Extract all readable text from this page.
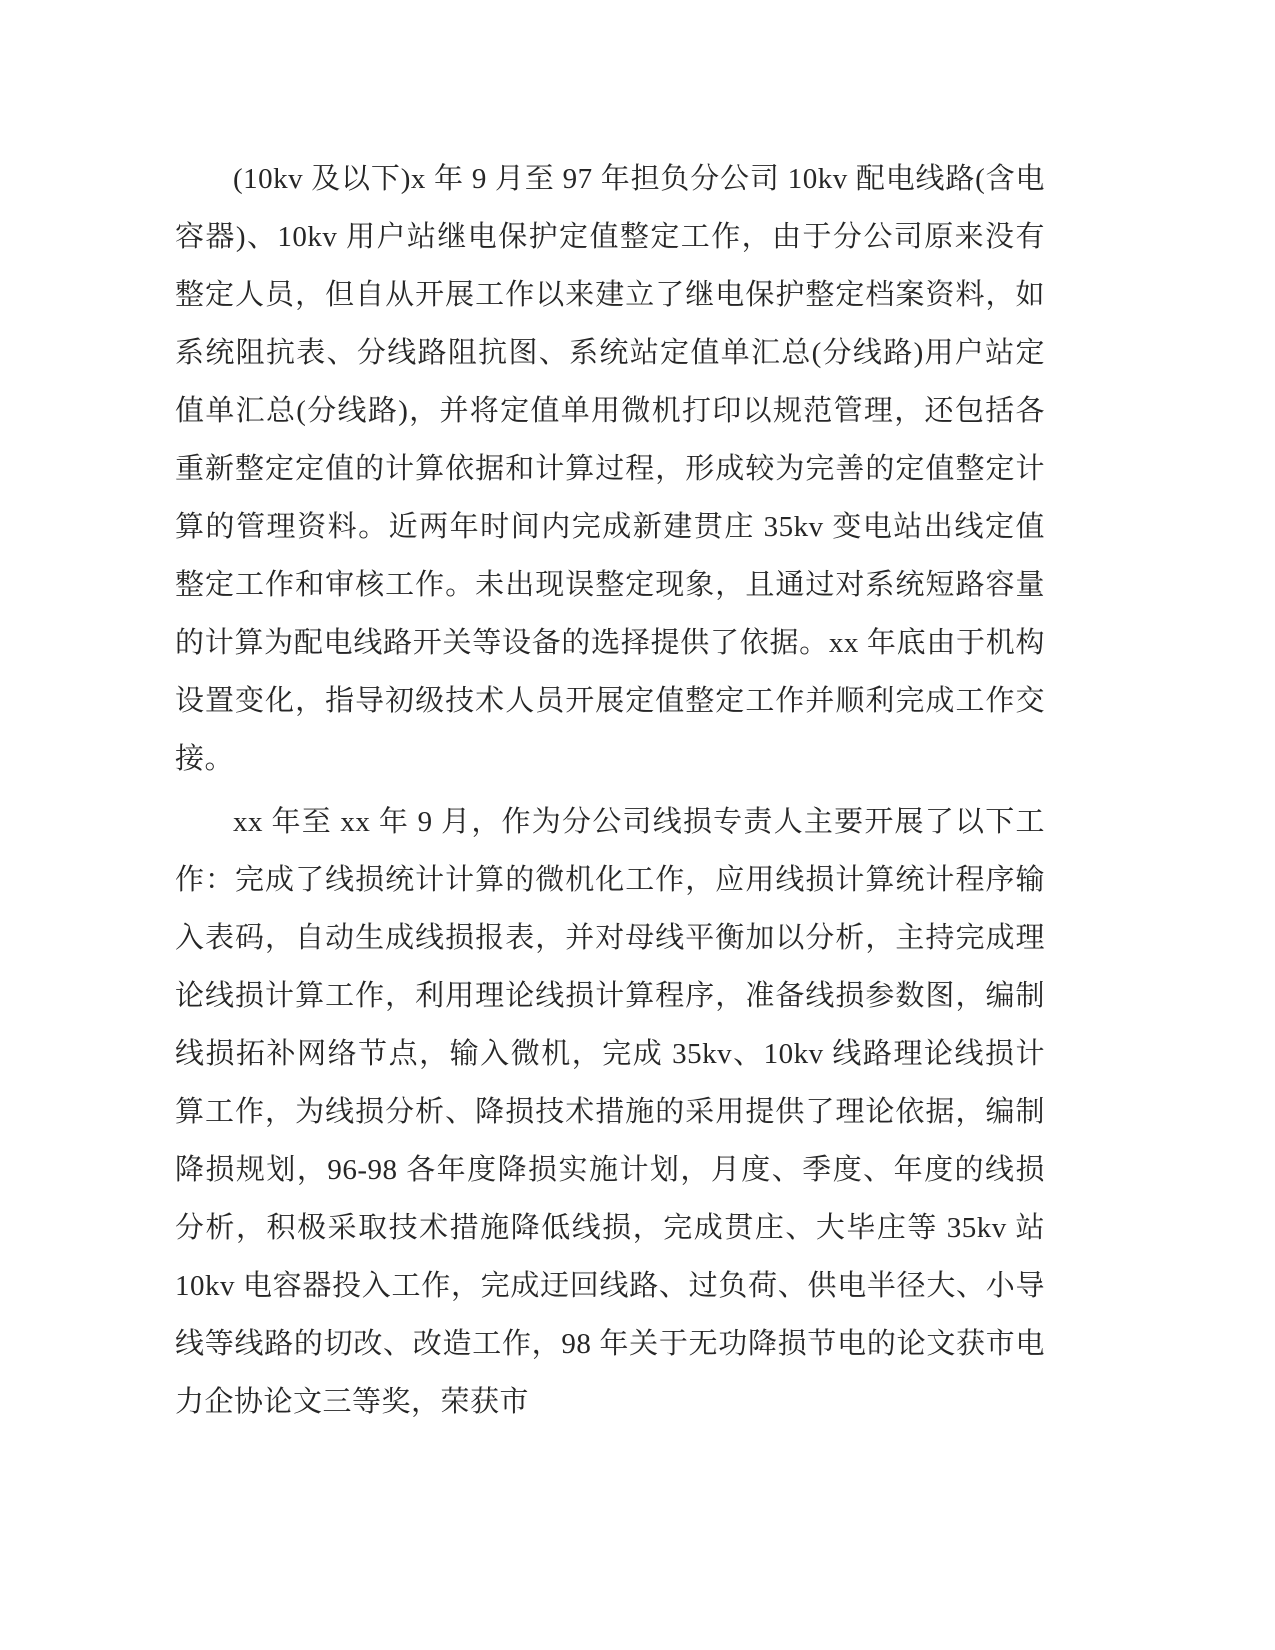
(10kv 及以下)x 年 9 月至 97 年担负分公司 10kv 配电线路(含电容器)、10kv 用户站继电保护定值整定工作，由于分公司原来没有整定人员，但自从开展工作以来建立了继电保护整定档案资料，如系统阻抗表、分线路阻抗图、系统站定值单汇总(分线路)用户站定值单汇总(分线路)，并将定值单用微机打印以规范管理，还包括各重新整定定值的计算依据和计算过程，形成较为完善的定值整定计算的管理资料。近两年时间内完成新建贯庄 35kv 变电站出线定值整定工作和审核工作。未出现误整定现象，且通过对系统短路容量的计算为配电线路开关等设备的选择提供了依据。xx 年底由于机构设置变化，指导初级技术人员开展定值整定工作并顺利完成工作交接。

xx 年至 xx 年 9 月，作为分公司线损专责人主要开展了以下工作：完成了线损统计计算的微机化工作，应用线损计算统计程序输入表码，自动生成线损报表，并对母线平衡加以分析，主持完成理论线损计算工作，利用理论线损计算程序，准备线损参数图，编制线损拓补网络节点，输入微机，完成 35kv、10kv 线路理论线损计算工作，为线损分析、降损技术措施的采用提供了理论依据，编制降损规划，96-98 各年度降损实施计划，月度、季度、年度的线损分析，积极采取技术措施降低线损，完成贯庄、大毕庄等 35kv 站 10kv 电容器投入工作，完成迂回线路、过负荷、供电半径大、小导线等线路的切改、改造工作，98 年关于无功降损节电的论文获市电力企协论文三等奖，荣获市
